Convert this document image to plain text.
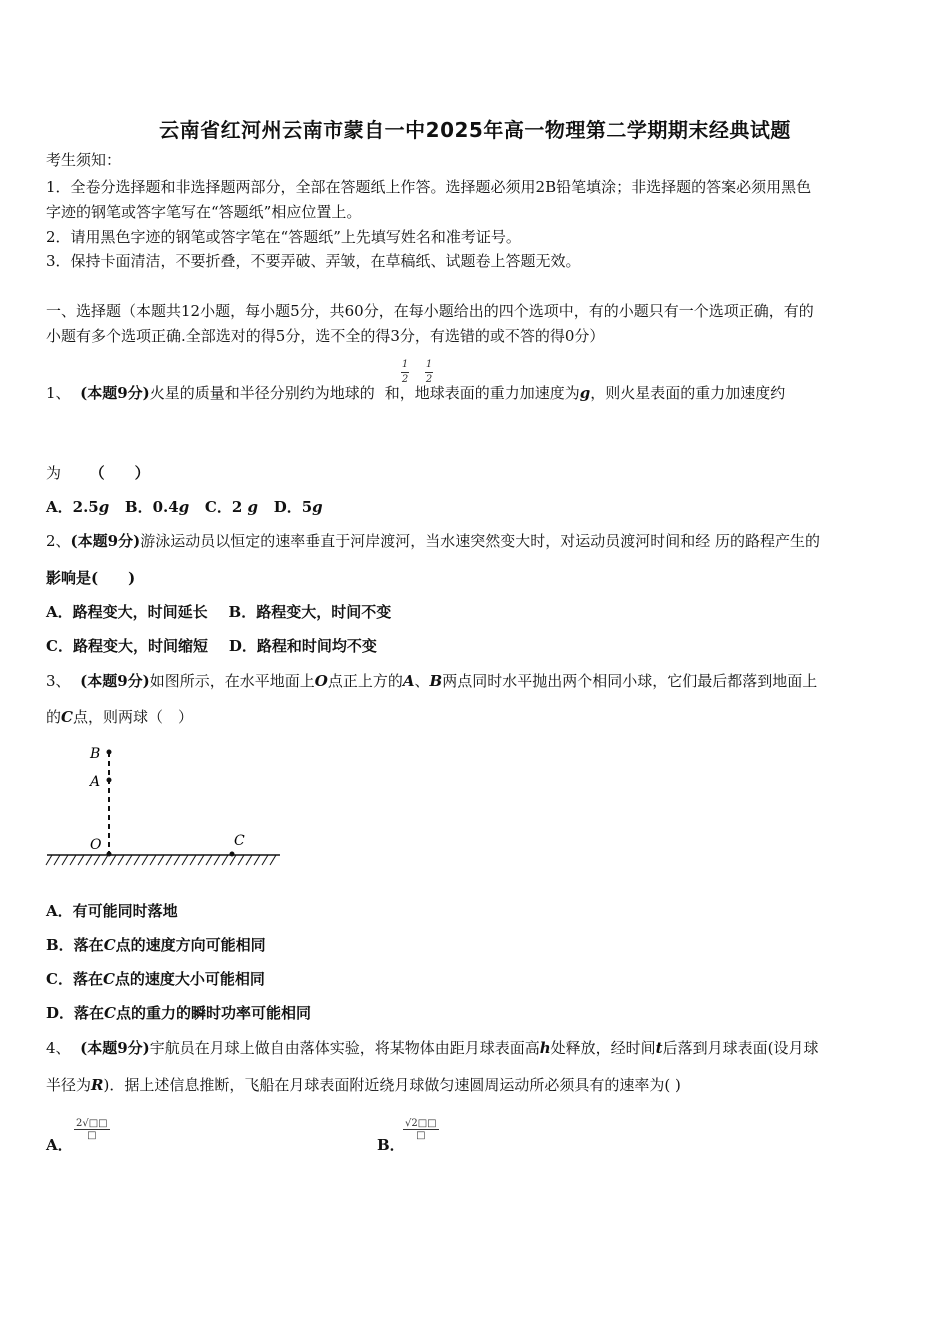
云南省红河州云南市蒙自一中2025年高一物理第二学期期末经典试题
考生须知：
1．全卷分选择题和非选择题两部分，全部在答题纸上作答。选择题必须用2B铅笔填涂；非选择题的答案必须用黑色
字迹的钢笔或答字笔写在“答题纸”相应位置上。
2．请用黑色字迹的钢笔或答字笔在“答题纸”上先填写姓名和准考证号。
3．保持卡面清洁，不要折叠，不要弄破、弄皱，在草稿纸、试题卷上答题无效。
一、选择题（本题共12小题，每小题5分，共60分，在每小题给出的四个选项中，有的小题只有一个选项正确，有的
小题有多个选项正确.全部选对的得5分，选不全的得3分，有选错的或不答的得0分）
1、 (本题9分)火星的质量和半径分别约为地球的 和，地球表面的重力加速度为g，则火星表面的重力加速度约
1
2
1
2
为 （　　）
A．2.5g B．0.4g C．2 g D．5g
2、(本题9分)游泳运动员以恒定的速率垂直于河岸渡河，当水速突然变大时，对运动员渡河时间和经 历的路程产生的
影响是(　　)
A．路程变大，时间延长 B．路程变大，时间不变
C．路程变大，时间缩短 D．路程和时间均不变
3、 (本题9分)如图所示，在水平地面上O点正上方的A、B两点同时水平抛出两个相同小球，它们最后都落到地面上
的C点，则两球（　）
B
A
O	C
A．有可能同时落地
B．落在C点的速度方向可能相同
C．落在C点的速度大小可能相同
D．落在C点的重力的瞬时功率可能相同
4、 (本题9分)宇航员在月球上做自由落体实验，将某物体由距月球表面高h处释放，经时间t后落到月球表面(设月球
半径为R)．据上述信息推断，飞船在月球表面附近绕月球做匀速圆周运动所必须具有的速率为( )
A．
2√□□
□
B．
√2□□
□
